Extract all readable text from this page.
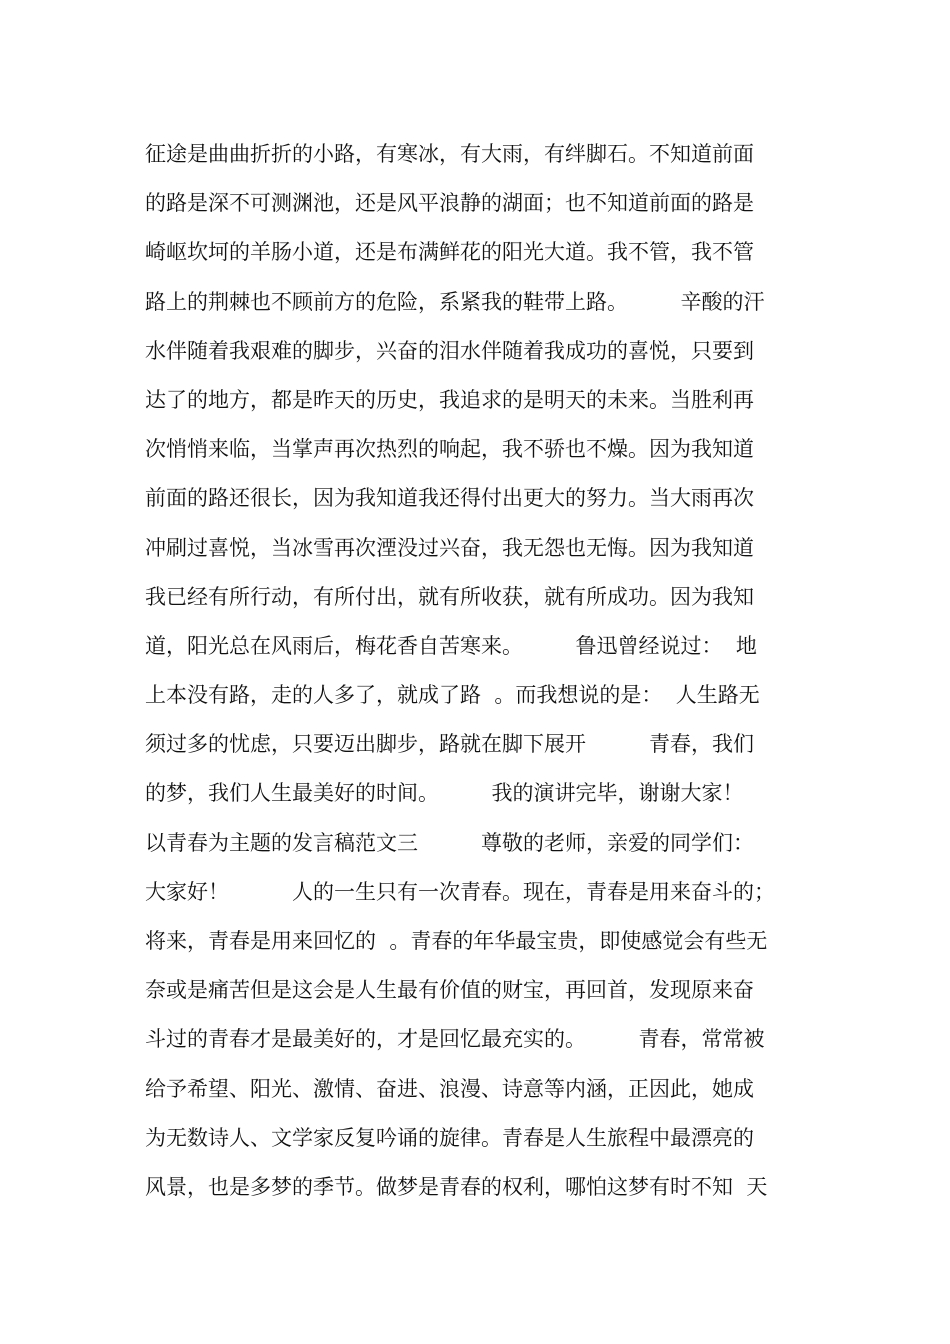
征途是曲曲折折的小路，有寒冰，有大雨，有绊脚石。不知道前面
的路是深不可测渊池，还是风平浪静的湖面；也不知道前面的路是
崎岖坎坷的羊肠小道，还是布满鲜花的阳光大道。我不管，我不管
路上的荆棘也不顾前方的危险，系紧我的鞋带上路。　　　辛酸的汗
水伴随着我艰难的脚步，兴奋的泪水伴随着我成功的喜悦，只要到
达了的地方，都是昨天的历史，我追求的是明天的未来。当胜利再
次悄悄来临，当掌声再次热烈的响起，我不骄也不燥。因为我知道
前面的路还很长，因为我知道我还得付出更大的努力。当大雨再次
冲刷过喜悦，当冰雪再次湮没过兴奋，我无怨也无悔。因为我知道
我已经有所行动，有所付出，就有所收获，就有所成功。因为我知
道，阳光总在风雨后，梅花香自苦寒来。　　　鲁迅曾经说过：  地
上本没有路，走的人多了，就成了路  。而我想说的是：  人生路无
须过多的忧虑，只要迈出脚步，路就在脚下展开　　　青春，我们
的梦，我们人生最美好的时间。　　　我的演讲完毕，谢谢大家！
以青春为主题的发言稿范文三　　　尊敬的老师，亲爱的同学们：
大家好！　　　人的一生只有一次青春。现在，青春是用来奋斗的；
将来，青春是用来回忆的  。青春的年华最宝贵，即使感觉会有些无
奈或是痛苦但是这会是人生最有价值的财宝，再回首，发现原来奋
斗过的青春才是最美好的，才是回忆最充实的。　　　青春，常常被
给予希望、阳光、激情、奋进、浪漫、诗意等内涵，正因此，她成
为无数诗人、文学家反复吟诵的旋律。青春是人生旅程中最漂亮的
风景，也是多梦的季节。做梦是青春的权利，哪怕这梦有时不知  天
